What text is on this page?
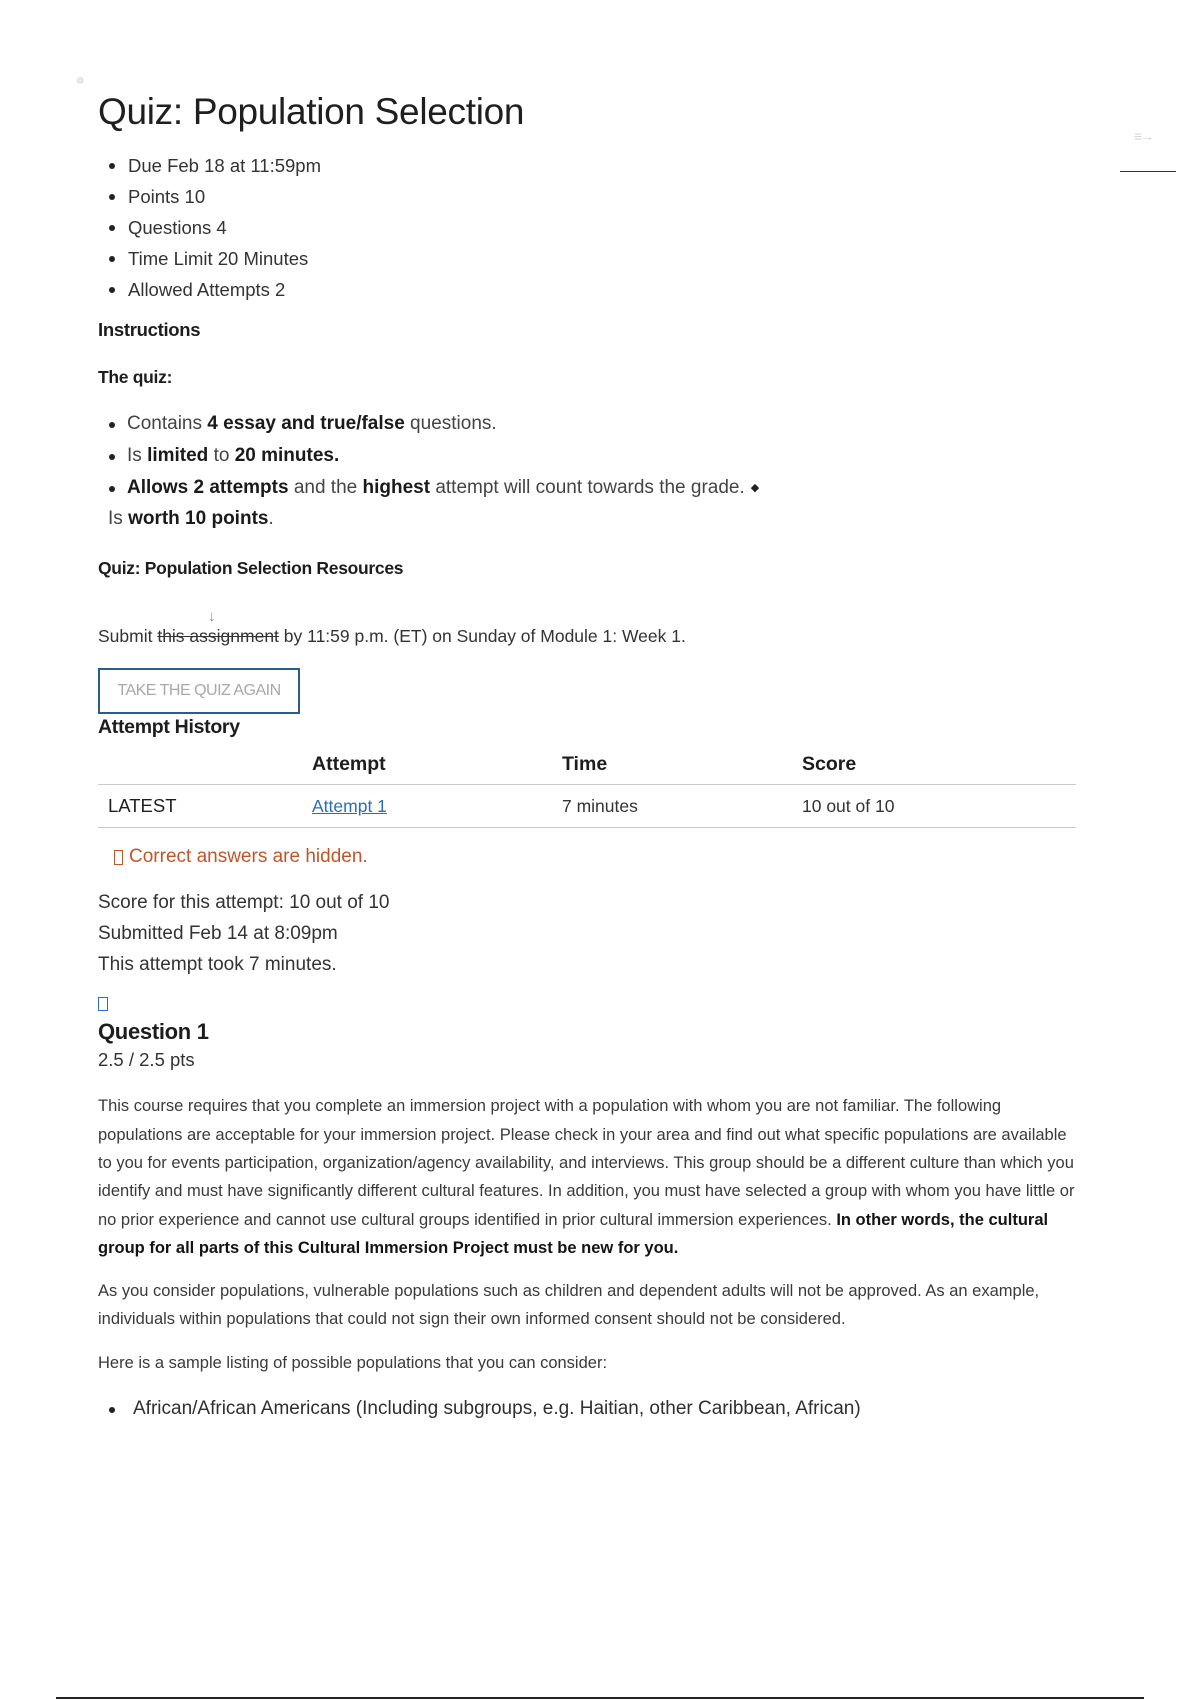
❁
≡→
Quiz: Population Selection
Due Feb 18 at 11:59pm
Points 10
Questions 4
Time Limit 20 Minutes
Allowed Attempts 2
Instructions
The quiz:
Contains 4 essay and true/false questions.
Is limited to 20 minutes.
Allows 2 attempts and the highest attempt will count towards the grade. ◆
Is worth 10 points.
Quiz: Population Selection Resources
↓
Submit this assignment by 11:59 p.m. (ET) on Sunday of Module 1: Week 1.
TAKE THE QUIZ AGAIN
Attempt History
	Attempt	Time	Score
LATEST	Attempt 1	7 minutes	10 out of 10
Correct answers are hidden.
Score for this attempt: 10 out of 10
Submitted Feb 14 at 8:09pm
This attempt took 7 minutes.
Question 1
2.5 / 2.5 pts

This course requires that you complete an immersion project with a population with whom you are not familiar. The following populations are acceptable for your immersion project. Please check in your area and find out what specific populations are available to you for events participation, organization/agency availability, and interviews. This group should be a different culture than which you identify and must have significantly different cultural features. In addition, you must have selected a group with whom you have little or no prior experience and cannot use cultural groups identified in prior cultural immersion experiences. In other words, the cultural group for all parts of this Cultural Immersion Project must be new for you.

As you consider populations, vulnerable populations such as children and dependent adults will not be approved. As an example, individuals within populations that could not sign their own informed consent should not be considered.

Here is a sample listing of possible populations that you can consider:

African/African Americans (Including subgroups, e.g. Haitian, other Caribbean, African)
